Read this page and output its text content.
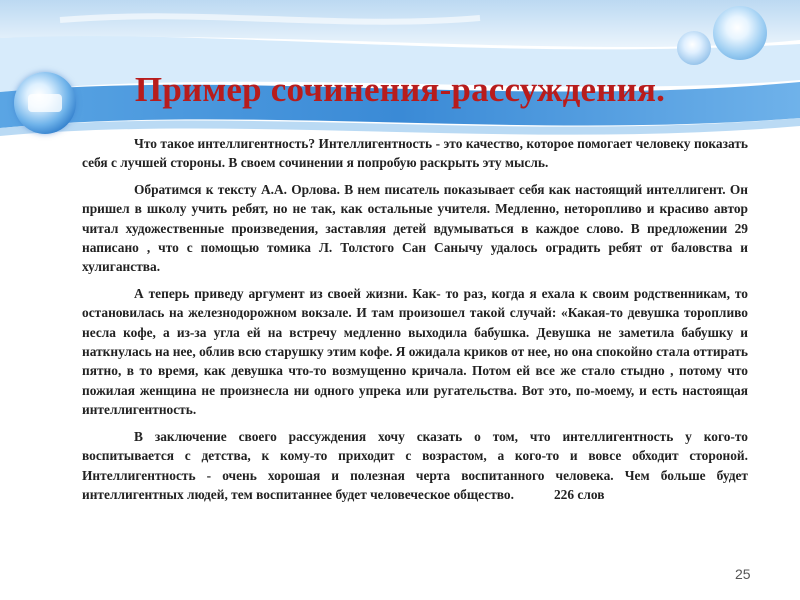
Пример сочинения-рассуждения.

Что такое интеллигентность? Интеллигентность - это качество, которое помогает человеку показать себя с лучшей стороны. В своем сочинении я попробую раскрыть эту мысль.

Обратимся к тексту А.А. Орлова. В нем писатель показывает себя как настоящий интеллигент. Он пришел в школу учить ребят, но не так, как остальные учителя. Медленно, неторопливо и красиво автор читал художественные произведения, заставляя детей вдумываться в каждое слово. В предложении 29 написано , что с помощью томика Л. Толстого Сан Санычу удалось оградить ребят от баловства и хулиганства.

А теперь приведу аргумент из своей жизни. Как- то раз, когда я ехала к своим родственникам, то остановилась на железнодорожном вокзале. И там произошел такой случай: «Какая-то девушка торопливо несла кофе, а из-за угла ей на встречу медленно выходила бабушка. Девушка не заметила бабушку и наткнулась на нее, облив всю старушку этим кофе. Я ожидала криков от нее, но она спокойно стала оттирать пятно, в то время, как девушка что-то возмущенно кричала. Потом ей все же стало стыдно , потому что пожилая женщина не произнесла ни одного упрека или ругательства. Вот это, по-моему, и есть настоящая интеллигентность.

В заключение своего рассуждения хочу сказать о том, что интеллигентность у кого-то воспитывается с детства, к кому-то приходит с возрастом, а кого-то и вовсе обходит стороной. Интеллигентность - очень хорошая и полезная черта воспитанного человека. Чем больше будет интеллигентных людей, тем воспитаннее будет человеческое общество.	226 слов

25
